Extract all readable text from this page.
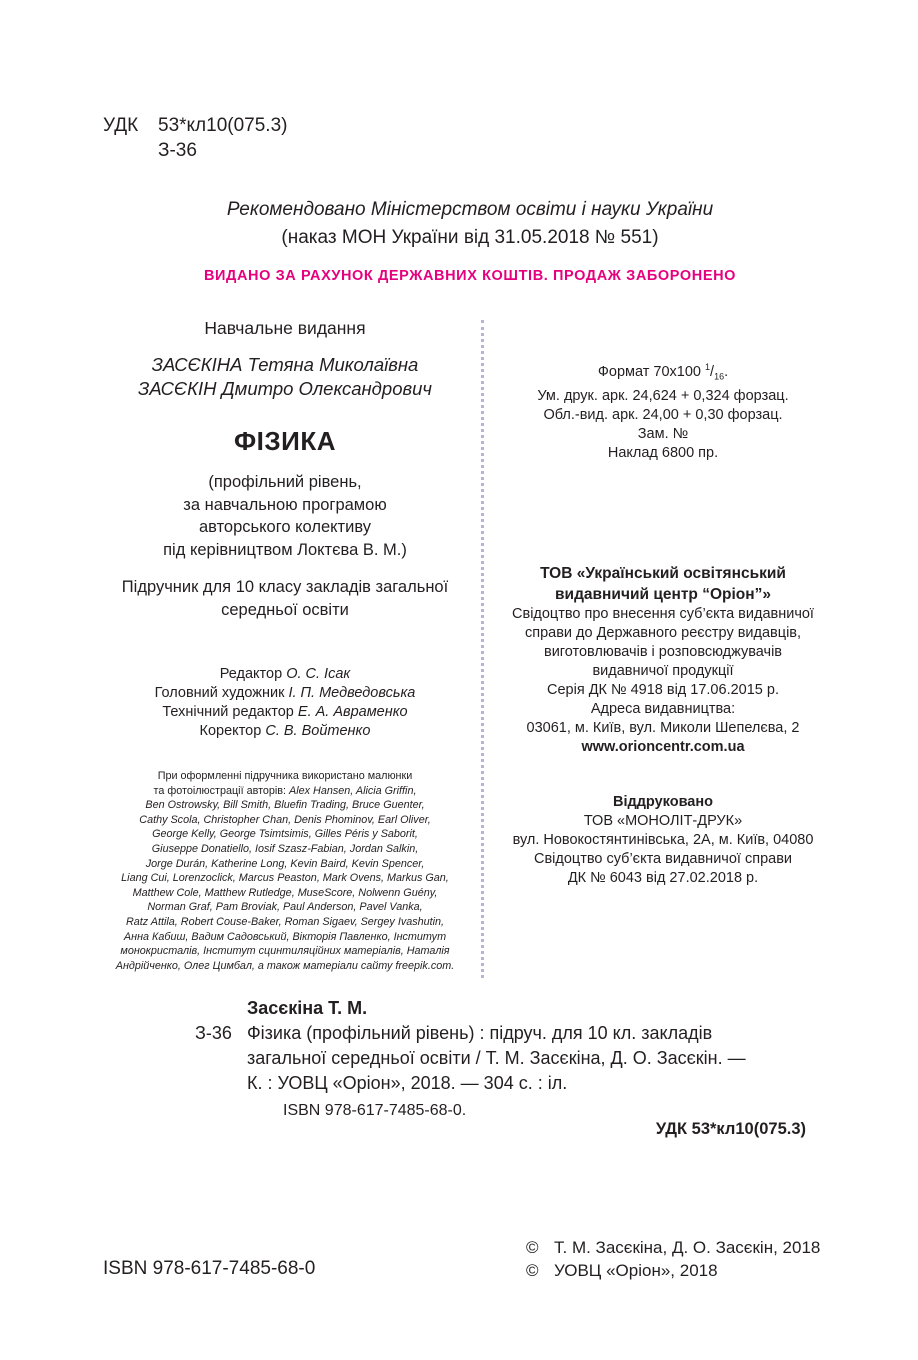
УДК 53*кл10(075.3)
З-36
Рекомендовано Міністерством освіти і науки України
(наказ МОН України від 31.05.2018 № 551)
ВИДАНО ЗА РАХУНОК ДЕРЖАВНИХ КОШТІВ. ПРОДАЖ ЗАБОРОНЕНО
Навчальне видання
ЗАСЄКІНА Тетяна Миколаївна
ЗАСЄКІН Дмитро Олександрович
ФІЗИКА
(профільний рівень,
за навчальною програмою
авторського колективу
під керівництвом Локтєва В. М.)
Підручник для 10 класу закладів загальної
середньої освіти
Редактор О. С. Ісак
Головний художник І. П. Медведовська
Технічний редактор Е. А. Авраменко
Коректор С. В. Войтенко
При оформленні підручника використано малюнки
та фотоілюстрації авторів: Alex Hansen, Alicia Griffin,
Ben Ostrowsky, Bill Smith, Bluefin Trading, Bruce Guenter,
Cathy Scola, Christopher Chan, Denis Phominov, Earl Oliver,
George Kelly, George Tsimtsimis, Gilles Péris y Saborit,
Giuseppe Donatiello, Iosif Szasz-Fabian, Jordan Salkin,
Jorge Durán, Katherine Long, Kevin Baird, Kevin Spencer,
Liang Cui, Lorenzoclick, Marcus Peaston, Mark Ovens, Markus Gan,
Matthew Cole, Matthew Rutledge, MuseScore, Nolwenn Guény,
Norman Graf, Pam Broviak, Paul Anderson, Pavel Vanka,
Ratz Attila, Robert Couse-Baker, Roman Sigaev, Sergey Ivashutin,
Анна Кабиш, Вадим Садовський, Вікторія Павленко, Інститут
монокристалів, Інститут сцинтиляційних матеріалів, Наталія
Андрійченко, Олег Цимбал, а також матеріали сайту freepik.com.
Формат 70х100 $^1/_{16}$.
Ум. друк. арк. 24,624 + 0,324 форзац.
Обл.-вид. арк. 24,00 + 0,30 форзац.
Зам. №
Наклад 6800 пр.
ТОВ «Український освітянський
видавничий центр “Оріон”»
Свідоцтво про внесення суб’єкта видавничої
справи до Державного реєстру видавців,
виготовлювачів і розповсюджувачів
видавничої продукції
Серія ДК № 4918 від 17.06.2015 р.
Адреса видавництва:
03061, м. Київ, вул. Миколи Шепелєва, 2
www.orioncentr.com.ua
Віддруковано
ТОВ «МОНОЛІТ-ДРУК»
вул. Новокостянтинівська, 2А, м. Київ, 04080
Свідоцтво суб’єкта видавничої справи
ДК № 6043 від 27.02.2018 р.
Засєкіна Т. М.
З-36 Фізика (профільний рівень) : підруч. для 10 кл. закладів
загальної середньої освіти / Т. М. Засєкіна, Д. О. Засєкін. —
К. : УОВЦ «Оріон», 2018. — 304 с. : іл.
ISBN 978-617-7485-68-0.
УДК 53*кл10(075.3)
ISBN 978-617-7485-68-0
© Т. М. Засєкіна, Д. О. Засєкін, 2018
© УОВЦ «Оріон», 2018
